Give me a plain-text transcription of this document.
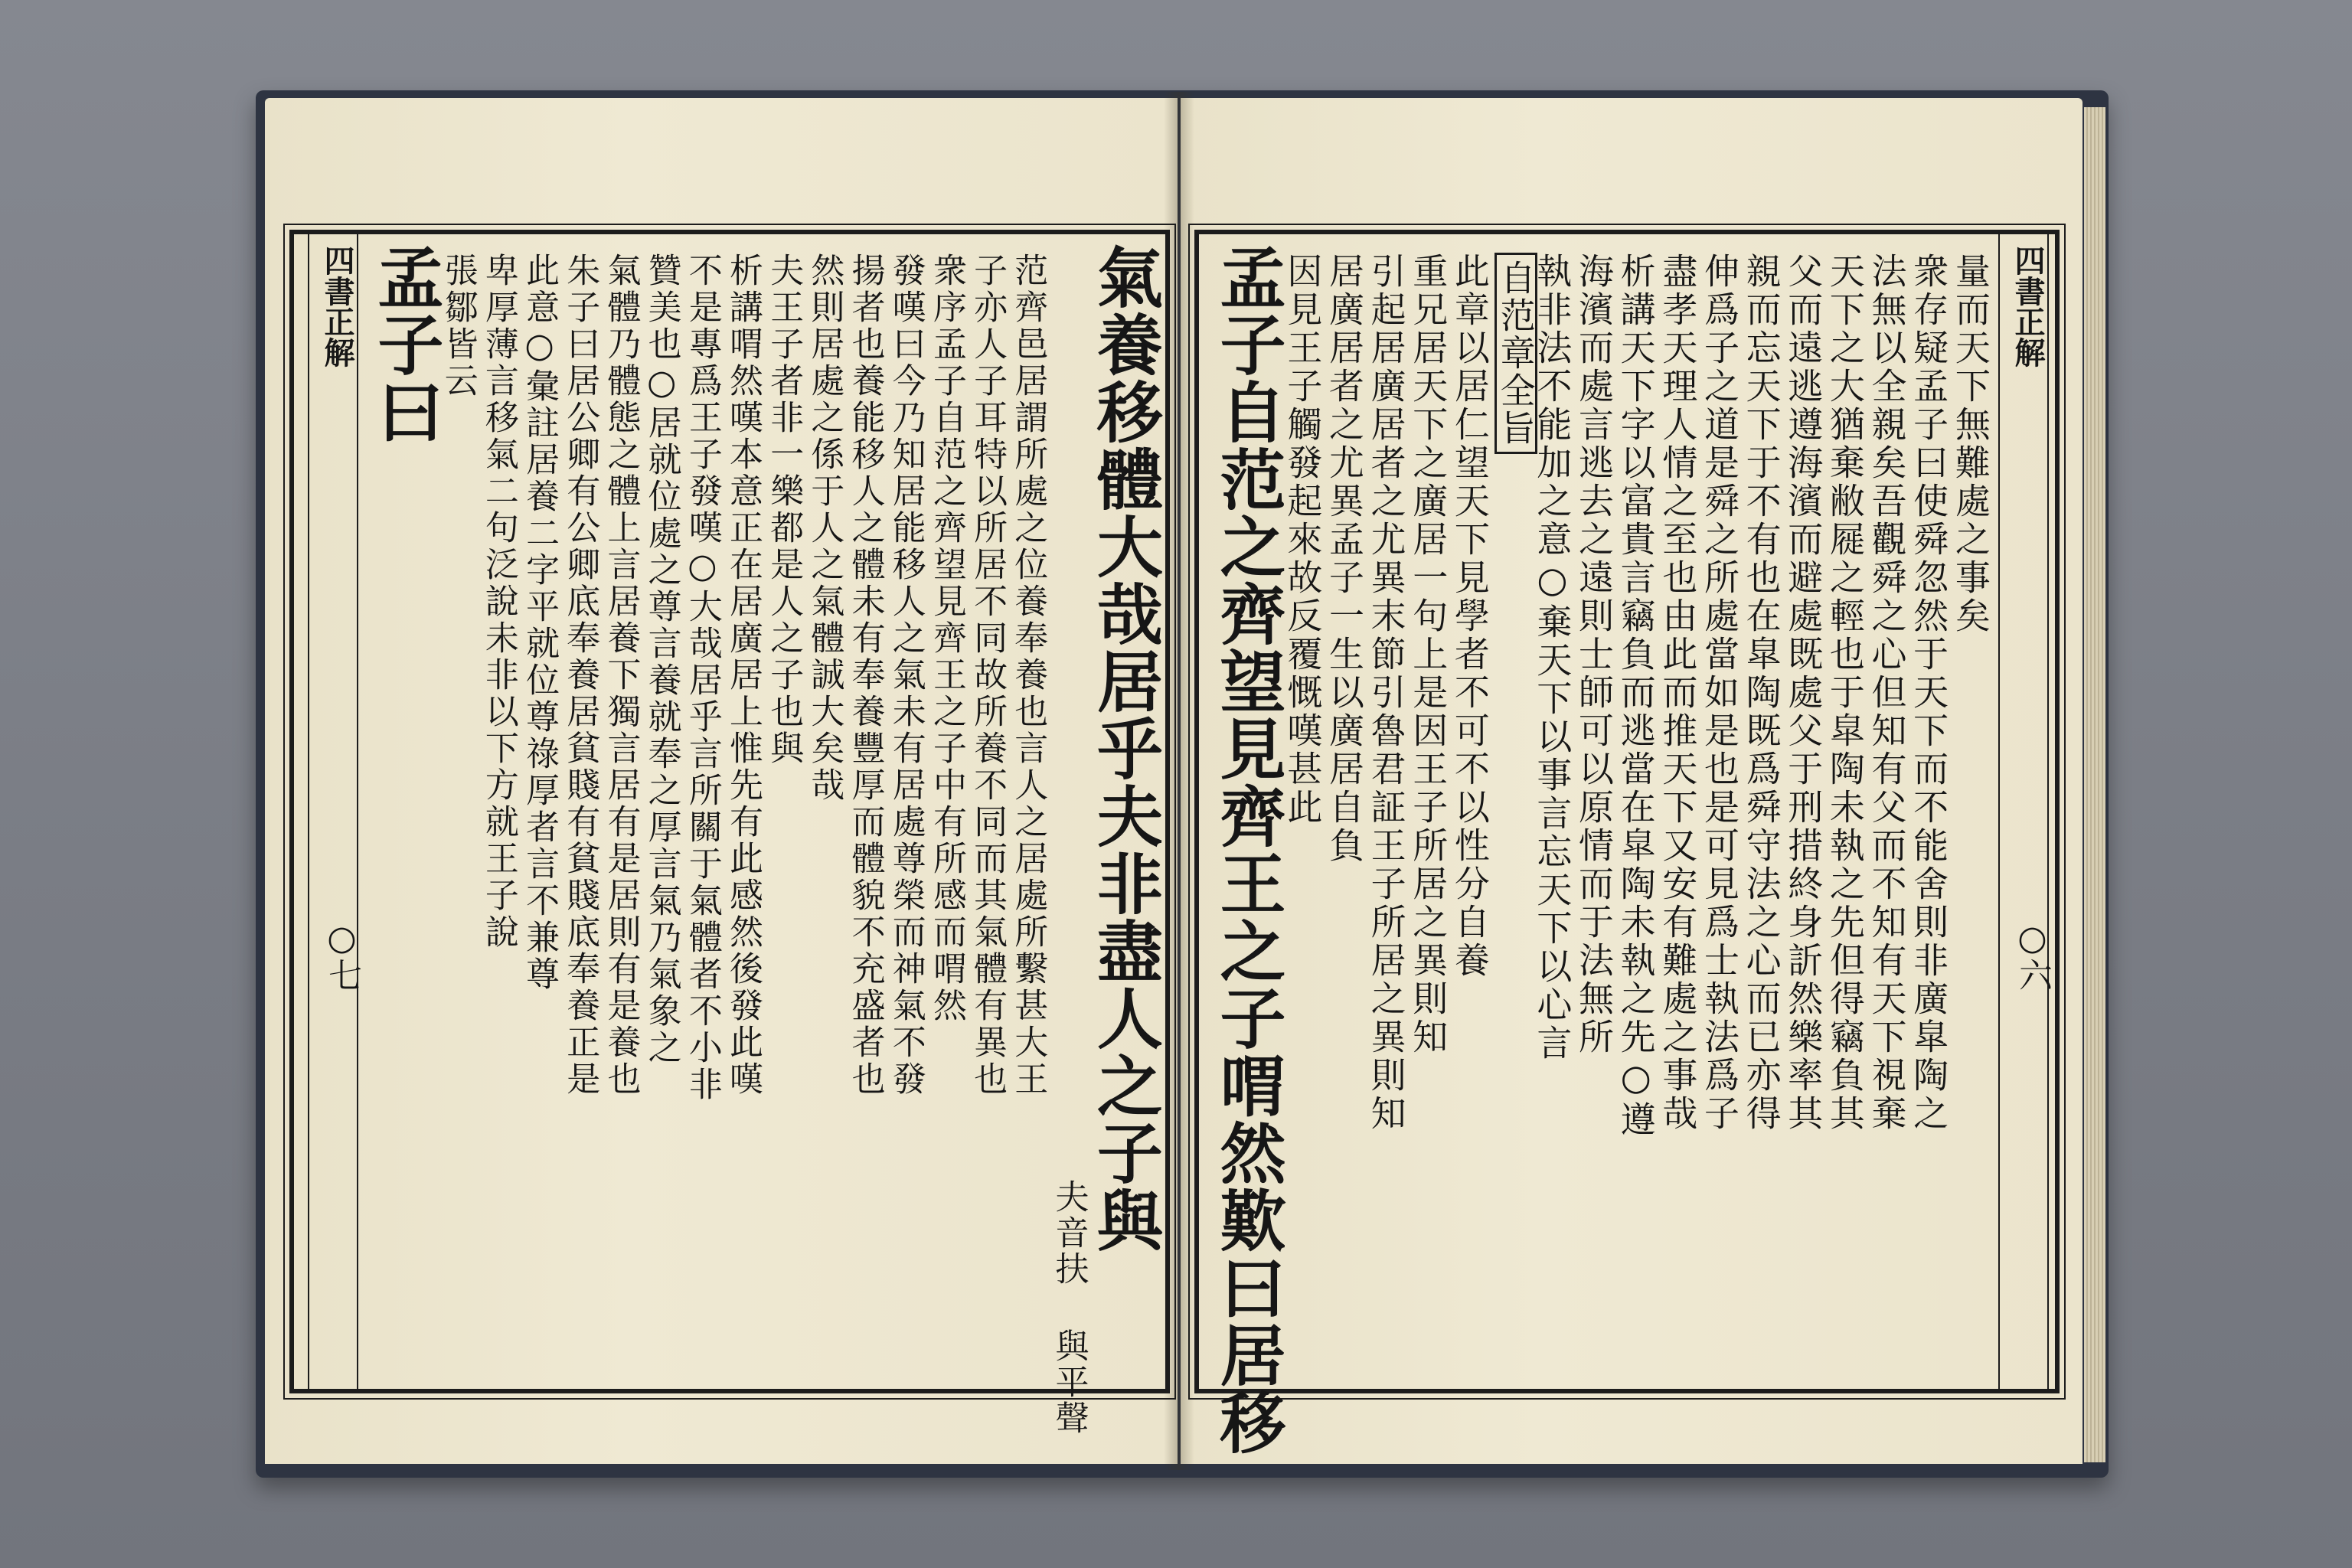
四書正解	四書正解
○七	○六
氣養移體大哉居乎夫非盡人之子與
夫音扶 與平聲
范齊邑居謂所處之位養奉養也言人之居處所繫甚大王
子亦人子耳特以所居不同故所養不同而其氣體有異也
衆序孟子自范之齊望見齊王之子中有所感而喟然
發嘆曰今乃知居能移人之氣未有居處尊榮而神氣不發
揚者也養能移人之體未有奉養豐厚而體貌不充盛者也
然則居處之係于人之氣體誠大矣哉
夫王子者非一樂都是人之子也與
析講喟然嘆本意正在居廣居上惟先有此感然後發此嘆
不是專爲王子發嘆○大哉居乎言所關于氣體者不小非
贊美也○居就位處之尊言養就奉之厚言氣乃氣象之
氣體乃體態之體上言居養下獨言居有是居則有是養也
朱子曰居公卿有公卿底奉養居貧賤有貧賤底奉養正是
此意○彙註居養二字平就位尊祿厚者言不兼尊
卑厚薄言移氣二句泛說未非以下方就王子說
張鄒皆云
孟子曰	量而天下無難處之事矣
衆存疑孟子曰使舜忽然于天下而不能舍則非廣皐陶之
法無以全親矣吾觀舜之心但知有父而不知有天下視棄
天下之大猶棄敝屣之輕也于皐陶未執之先但得竊負其
父而遠逃遵海濱而避處既處父于刑措終身訢然樂率其
親而忘天下于不有也在皐陶既爲舜守法之心而已亦得
伸爲子之道是舜之所處當如是也是可見爲士執法爲子
盡孝天理人情之至也由此而推天下又安有難處之事哉
析講天下字以富貴言竊負而逃當在皐陶未執之先○遵
海濱而處言逃去之遠則士師可以原情而于法無所
執非法不能加之意○棄天下以事言忘天下以心言
自范章全旨
此章以居仁望天下見學者不可不以性分自養
重兄居天下之廣居一句上是因王子所居之異則知
引起居廣居者之尤異末節引魯君証王子所居之異則知
居廣居者之尤異孟子一生以廣居自負
因見王子觸發起來故反覆慨嘆甚此
孟子自范之齊望見齊王之子喟然歎曰居移
